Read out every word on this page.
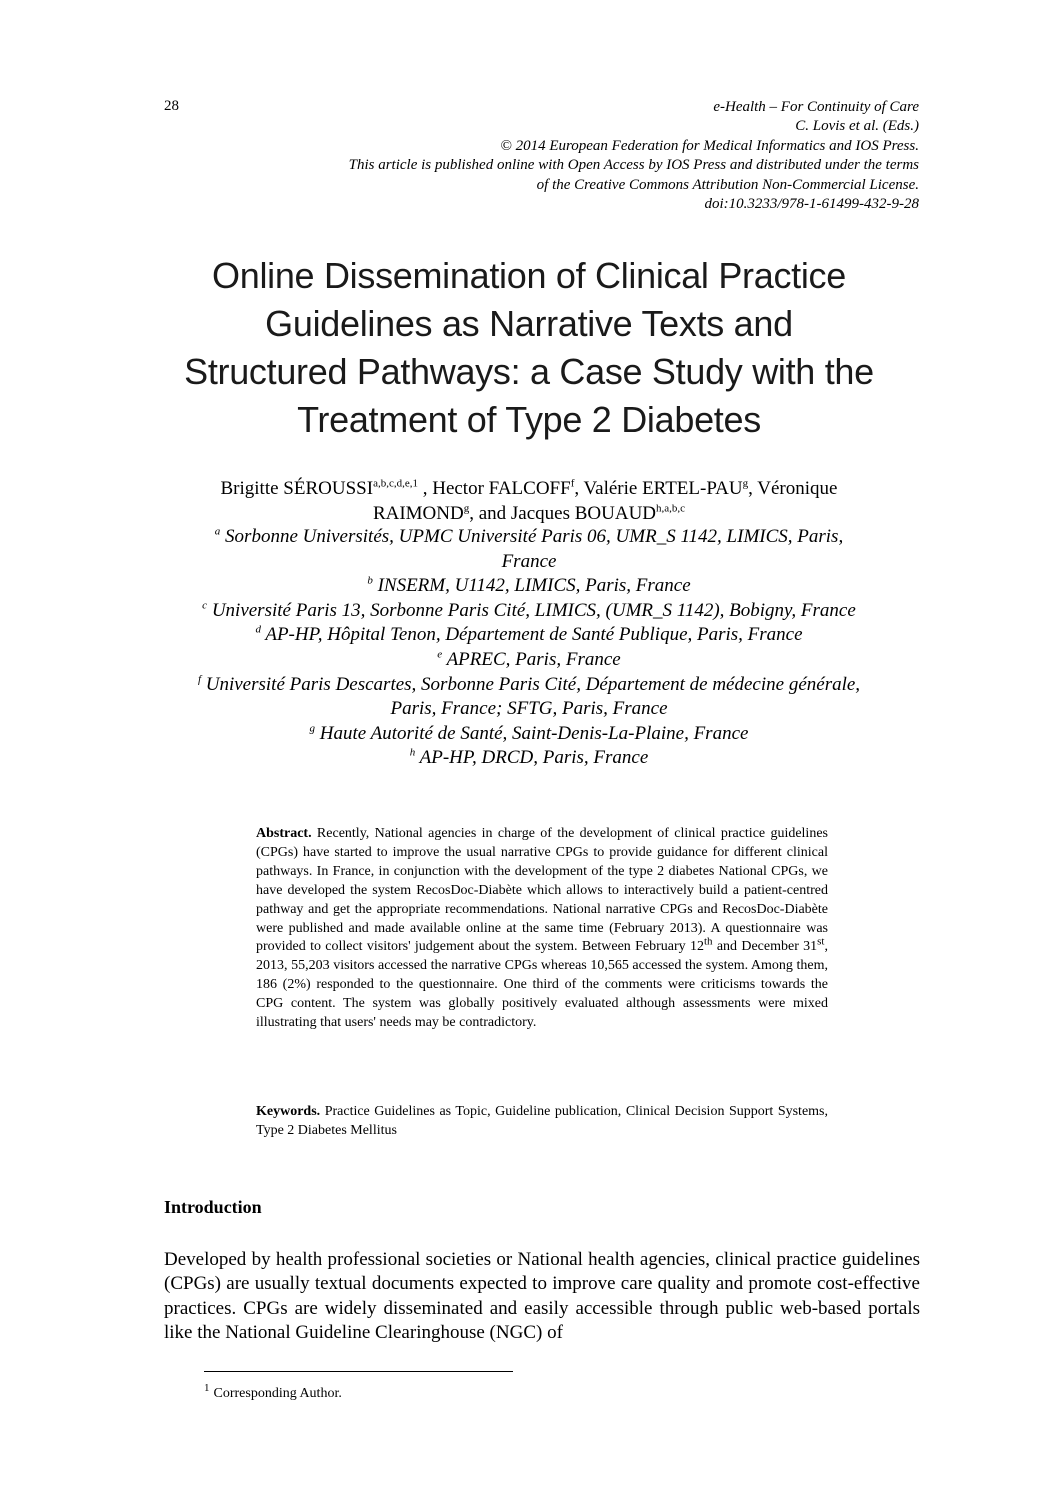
28	e-Health – For Continuity of Care
C. Lovis et al. (Eds.)
© 2014 European Federation for Medical Informatics and IOS Press.
This article is published online with Open Access by IOS Press and distributed under the terms
of the Creative Commons Attribution Non-Commercial License.
doi:10.3233/978-1-61499-432-9-28
Online Dissemination of Clinical Practice
Guidelines as Narrative Texts and
Structured Pathways: a Case Study with the
Treatment of Type 2 Diabetes
Brigitte SÉROUSSI$^{a,b,c,d,e,1}$ , Hector FALCOFF$^f$, Valérie ERTEL-PAU$^g$, Véronique
RAIMOND$^g$, and Jacques BOUAUD$^{h,a,b,c}$
$^a$ Sorbonne Universités, UPMC Université Paris 06, UMR_S 1142, LIMICS, Paris,
France
$^b$ INSERM, U1142, LIMICS, Paris, France
$^c$ Université Paris 13, Sorbonne Paris Cité, LIMICS, (UMR_S 1142), Bobigny, France
$^d$ AP-HP, Hôpital Tenon, Département de Santé Publique, Paris, France
$^e$ APREC, Paris, France
$^f$ Université Paris Descartes, Sorbonne Paris Cité, Département de médecine générale,
Paris, France; SFTG, Paris, France
$^g$ Haute Autorité de Santé, Saint-Denis-La-Plaine, France
$^h$ AP-HP, DRCD, Paris, France
Abstract. Recently, National agencies in charge of the development of clinical practice guidelines (CPGs) have started to improve the usual narrative CPGs to provide guidance for different clinical pathways. In France, in conjunction with the development of the type 2 diabetes National CPGs, we have developed the system RecosDoc-Diabète which allows to interactively build a patient-centred pathway and get the appropriate recommendations. National narrative CPGs and RecosDoc-Diabète were published and made available online at the same time (February 2013). A questionnaire was provided to collect visitors' judgement about the system. Between February 12th and December 31st, 2013, 55,203 visitors accessed the narrative CPGs whereas 10,565 accessed the system. Among them, 186 (2%) responded to the questionnaire. One third of the comments were criticisms towards the CPG content. The system was globally positively evaluated although assessments were mixed illustrating that users' needs may be contradictory.
Keywords. Practice Guidelines as Topic, Guideline publication, Clinical Decision Support Systems, Type 2 Diabetes Mellitus
Introduction
Developed by health professional societies or National health agencies, clinical practice guidelines (CPGs) are usually textual documents expected to improve care quality and promote cost-effective practices. CPGs are widely disseminated and easily accessible through public web-based portals like the National Guideline Clearinghouse (NGC) of
$^1$ Corresponding Author.
